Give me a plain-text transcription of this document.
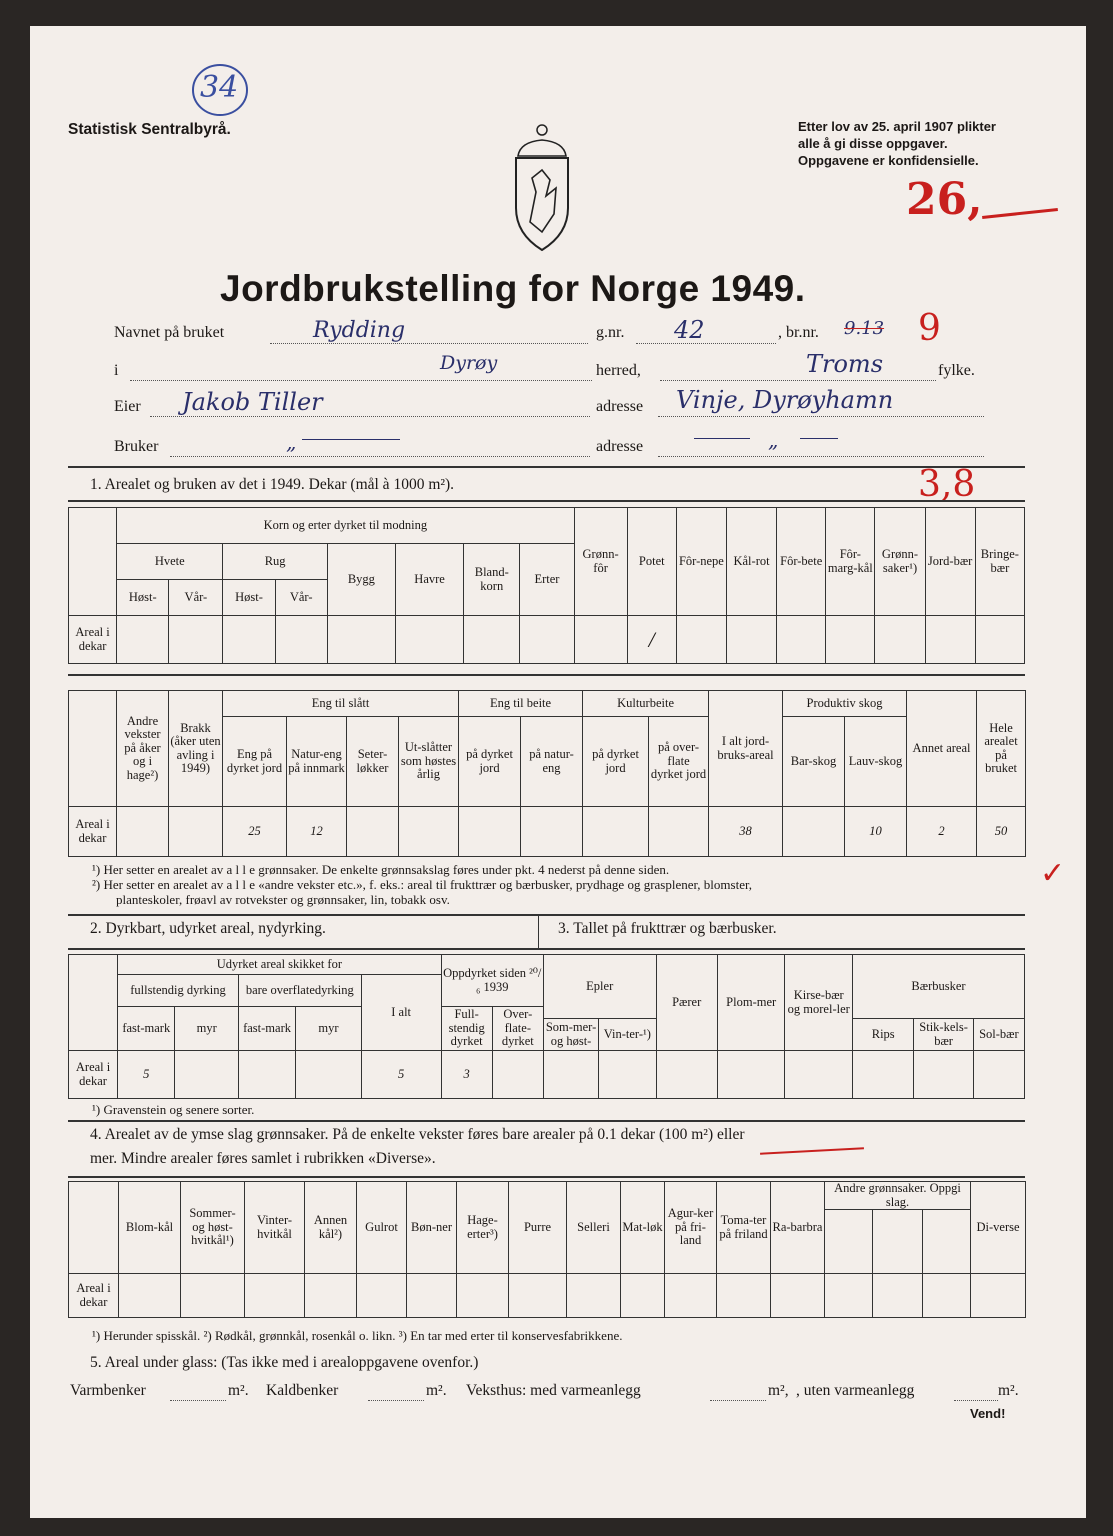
34
Statistisk Sentralbyrå.	Etter lov av 25. april 1907 plikter
alle å gi disse oppgaver.
Oppgavene er konfidensielle.
26,
Jordbrukstelling for Norge 1949.
Navnet på bruket	Rydding	g.nr. 42	, br.nr. 9.13 9
i	Dyrøy	herred,	Troms	fylke.
Eier Jakob Tiller	adresse Vinje, Dyrøyhamn
Bruker	„	adresse	„
1. Arealet og bruken av det i 1949. Dekar (mål à 1000 m²).	3,8
	Korn og erter dyrket til modning								Grønn-fôr	Potet	Fôr-nepe	Kål-rot	Fôr-bete	Fôr-marg-kål	Grønn-saker¹)	Jord-bær	Bringe-bær
	Hvete		Rug		Bygg	Havre	Bland-korn	Erter									
	Høst-	Vår-	Høst-	Vår-													
Areal i dekar										/							
	Andre vekster på åker og i hage²)	Brakk (åker uten avling i 1949)	Eng til slått				Eng til beite		Kulturbeite		I alt jord-bruks-areal	Produktiv skog		Annet areal	Hele arealet på bruket
			Eng på dyrket jord	Natur-eng på innmark	Seter-løkker	Ut-slåtter som høstes årlig	på dyrket jord	på natur-eng	på dyrket jord	på over-flate dyrket jord		Bar-skog	Lauv-skog		
Areal i dekar			25	12							38		10	2	50
¹) Her setter en arealet av a l l e grønnsaker. De enkelte grønnsakslag føres under pkt. 4 nederst på denne siden.
²) Her setter en arealet av a l l e «andre vekster etc.», f. eks.: areal til frukttrær og bærbusker, prydhage og grasplener, blomster,
planteskoler, frøavl av rotvekster og grønnsaker, lin, tobakk osv.
✓
2. Dyrkbart, udyrket areal, nydyrking.	3. Tallet på frukttrær og bærbusker.
	Udyrket areal skikket for					Oppdyrket siden ²⁰/₆ 1939		Epler		Pærer	Plom-mer	Kirse-bær og morel-ler	Bærbusker		
	fullstendig dyrking		bare overflatedyrking		I alt										
	fast-mark	myr	fast-mark	myr		Full-stendig dyrket	Over-flate-dyrket								
								Som-mer- og høst-	Vin-ter-¹)				Rips	Stik-kels-bær	Sol-bær
Areal i dekar	5				5	3									
¹) Gravenstein og senere sorter.
4. Arealet av de ymse slag grønnsaker. På de enkelte vekster føres bare arealer på 0.1 dekar (100 m²) eller
mer. Mindre arealer føres samlet i rubrikken «Diverse».
	Blom-kål	Sommer- og høst-hvitkål¹)	Vinter-hvitkål	Annen kål²)	Gulrot	Bøn-ner	Hage-erter³)	Purre	Selleri	Mat-løk	Agur-ker på fri-land	Toma-ter på friland	Ra-barbra	Andre grønnsaker. Oppgi slag.			Di-verse

Areal i dekar																	
¹) Herunder spisskål. ²) Rødkål, grønnkål, rosenkål o. likn. ³) En tar med erter til konservesfabrikkene.
5. Areal under glass: (Tas ikke med i arealoppgavene ovenfor.)
Varmbenker	m². Kaldbenker	m². Veksthus: med varmeanlegg	m², , uten varmeanlegg	m².
Vend!
